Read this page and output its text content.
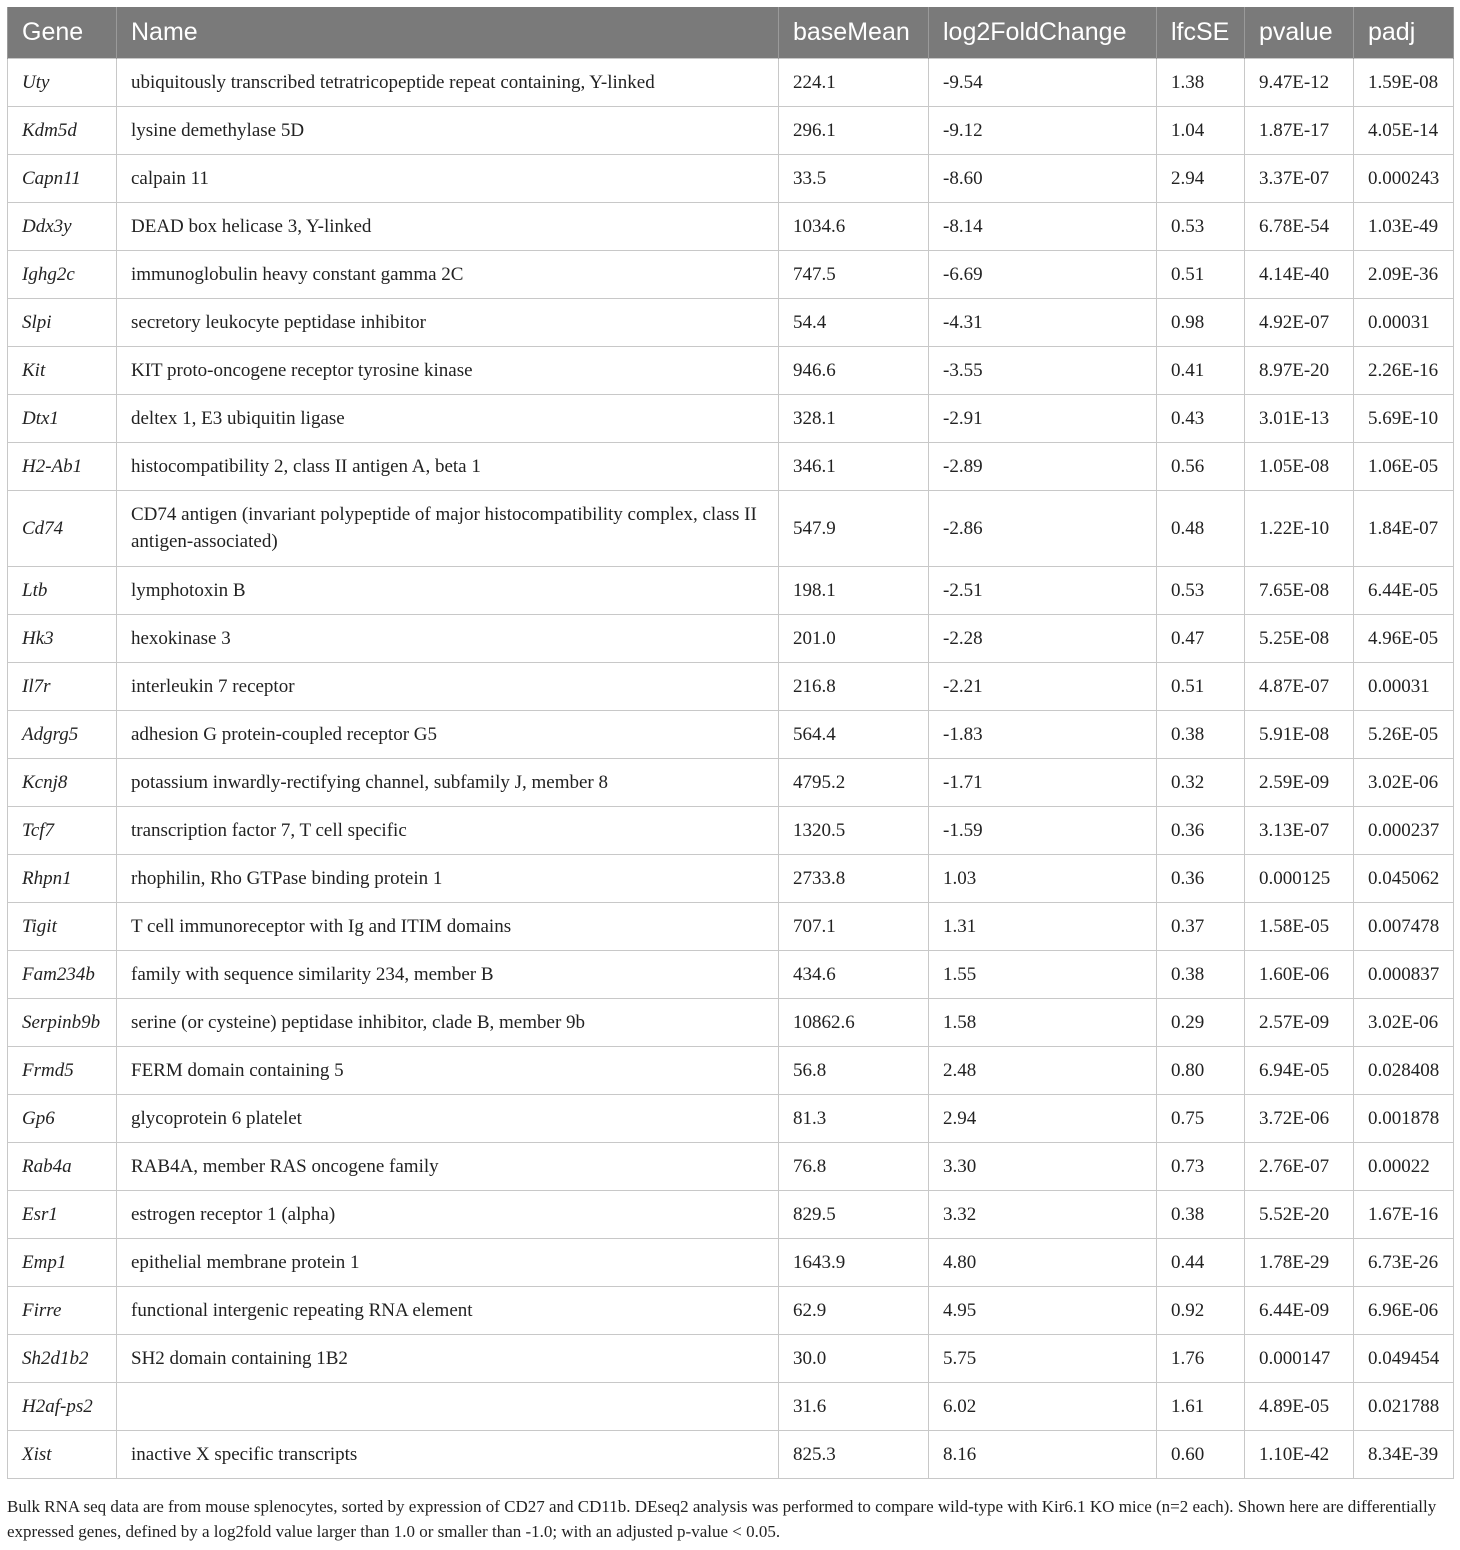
Gene	Name	baseMean	log2FoldChange	lfcSE	pvalue	padj
Uty	ubiquitously transcribed tetratricopeptide repeat containing, Y-linked	224.1	-9.54	1.38	9.47E-12	1.59E-08
Kdm5d	lysine demethylase 5D	296.1	-9.12	1.04	1.87E-17	4.05E-14
Capn11	calpain 11	33.5	-8.60	2.94	3.37E-07	0.000243
Ddx3y	DEAD box helicase 3, Y-linked	1034.6	-8.14	0.53	6.78E-54	1.03E-49
Ighg2c	immunoglobulin heavy constant gamma 2C	747.5	-6.69	0.51	4.14E-40	2.09E-36
Slpi	secretory leukocyte peptidase inhibitor	54.4	-4.31	0.98	4.92E-07	0.00031
Kit	KIT proto-oncogene receptor tyrosine kinase	946.6	-3.55	0.41	8.97E-20	2.26E-16
Dtx1	deltex 1, E3 ubiquitin ligase	328.1	-2.91	0.43	3.01E-13	5.69E-10
H2-Ab1	histocompatibility 2, class II antigen A, beta 1	346.1	-2.89	0.56	1.05E-08	1.06E-05
Cd74	CD74 antigen (invariant polypeptide of major histocompatibility complex, class II antigen-associated)	547.9	-2.86	0.48	1.22E-10	1.84E-07
Ltb	lymphotoxin B	198.1	-2.51	0.53	7.65E-08	6.44E-05
Hk3	hexokinase 3	201.0	-2.28	0.47	5.25E-08	4.96E-05
Il7r	interleukin 7 receptor	216.8	-2.21	0.51	4.87E-07	0.00031
Adgrg5	adhesion G protein-coupled receptor G5	564.4	-1.83	0.38	5.91E-08	5.26E-05
Kcnj8	potassium inwardly-rectifying channel, subfamily J, member 8	4795.2	-1.71	0.32	2.59E-09	3.02E-06
Tcf7	transcription factor 7, T cell specific	1320.5	-1.59	0.36	3.13E-07	0.000237
Rhpn1	rhophilin, Rho GTPase binding protein 1	2733.8	1.03	0.36	0.000125	0.045062
Tigit	T cell immunoreceptor with Ig and ITIM domains	707.1	1.31	0.37	1.58E-05	0.007478
Fam234b	family with sequence similarity 234, member B	434.6	1.55	0.38	1.60E-06	0.000837
Serpinb9b	serine (or cysteine) peptidase inhibitor, clade B, member 9b	10862.6	1.58	0.29	2.57E-09	3.02E-06
Frmd5	FERM domain containing 5	56.8	2.48	0.80	6.94E-05	0.028408
Gp6	glycoprotein 6 platelet	81.3	2.94	0.75	3.72E-06	0.001878
Rab4a	RAB4A, member RAS oncogene family	76.8	3.30	0.73	2.76E-07	0.00022
Esr1	estrogen receptor 1 (alpha)	829.5	3.32	0.38	5.52E-20	1.67E-16
Emp1	epithelial membrane protein 1	1643.9	4.80	0.44	1.78E-29	6.73E-26
Firre	functional intergenic repeating RNA element	62.9	4.95	0.92	6.44E-09	6.96E-06
Sh2d1b2	SH2 domain containing 1B2	30.0	5.75	1.76	0.000147	0.049454
H2af-ps2		31.6	6.02	1.61	4.89E-05	0.021788
Xist	inactive X specific transcripts	825.3	8.16	0.60	1.10E-42	8.34E-39
Bulk RNA seq data are from mouse splenocytes, sorted by expression of CD27 and CD11b. DEseq2 analysis was performed to compare wild-type with Kir6.1 KO mice (n=2 each). Shown here are differentially expressed genes, defined by a log2fold value larger than 1.0 or smaller than -1.0; with an adjusted p-value < 0.05.
